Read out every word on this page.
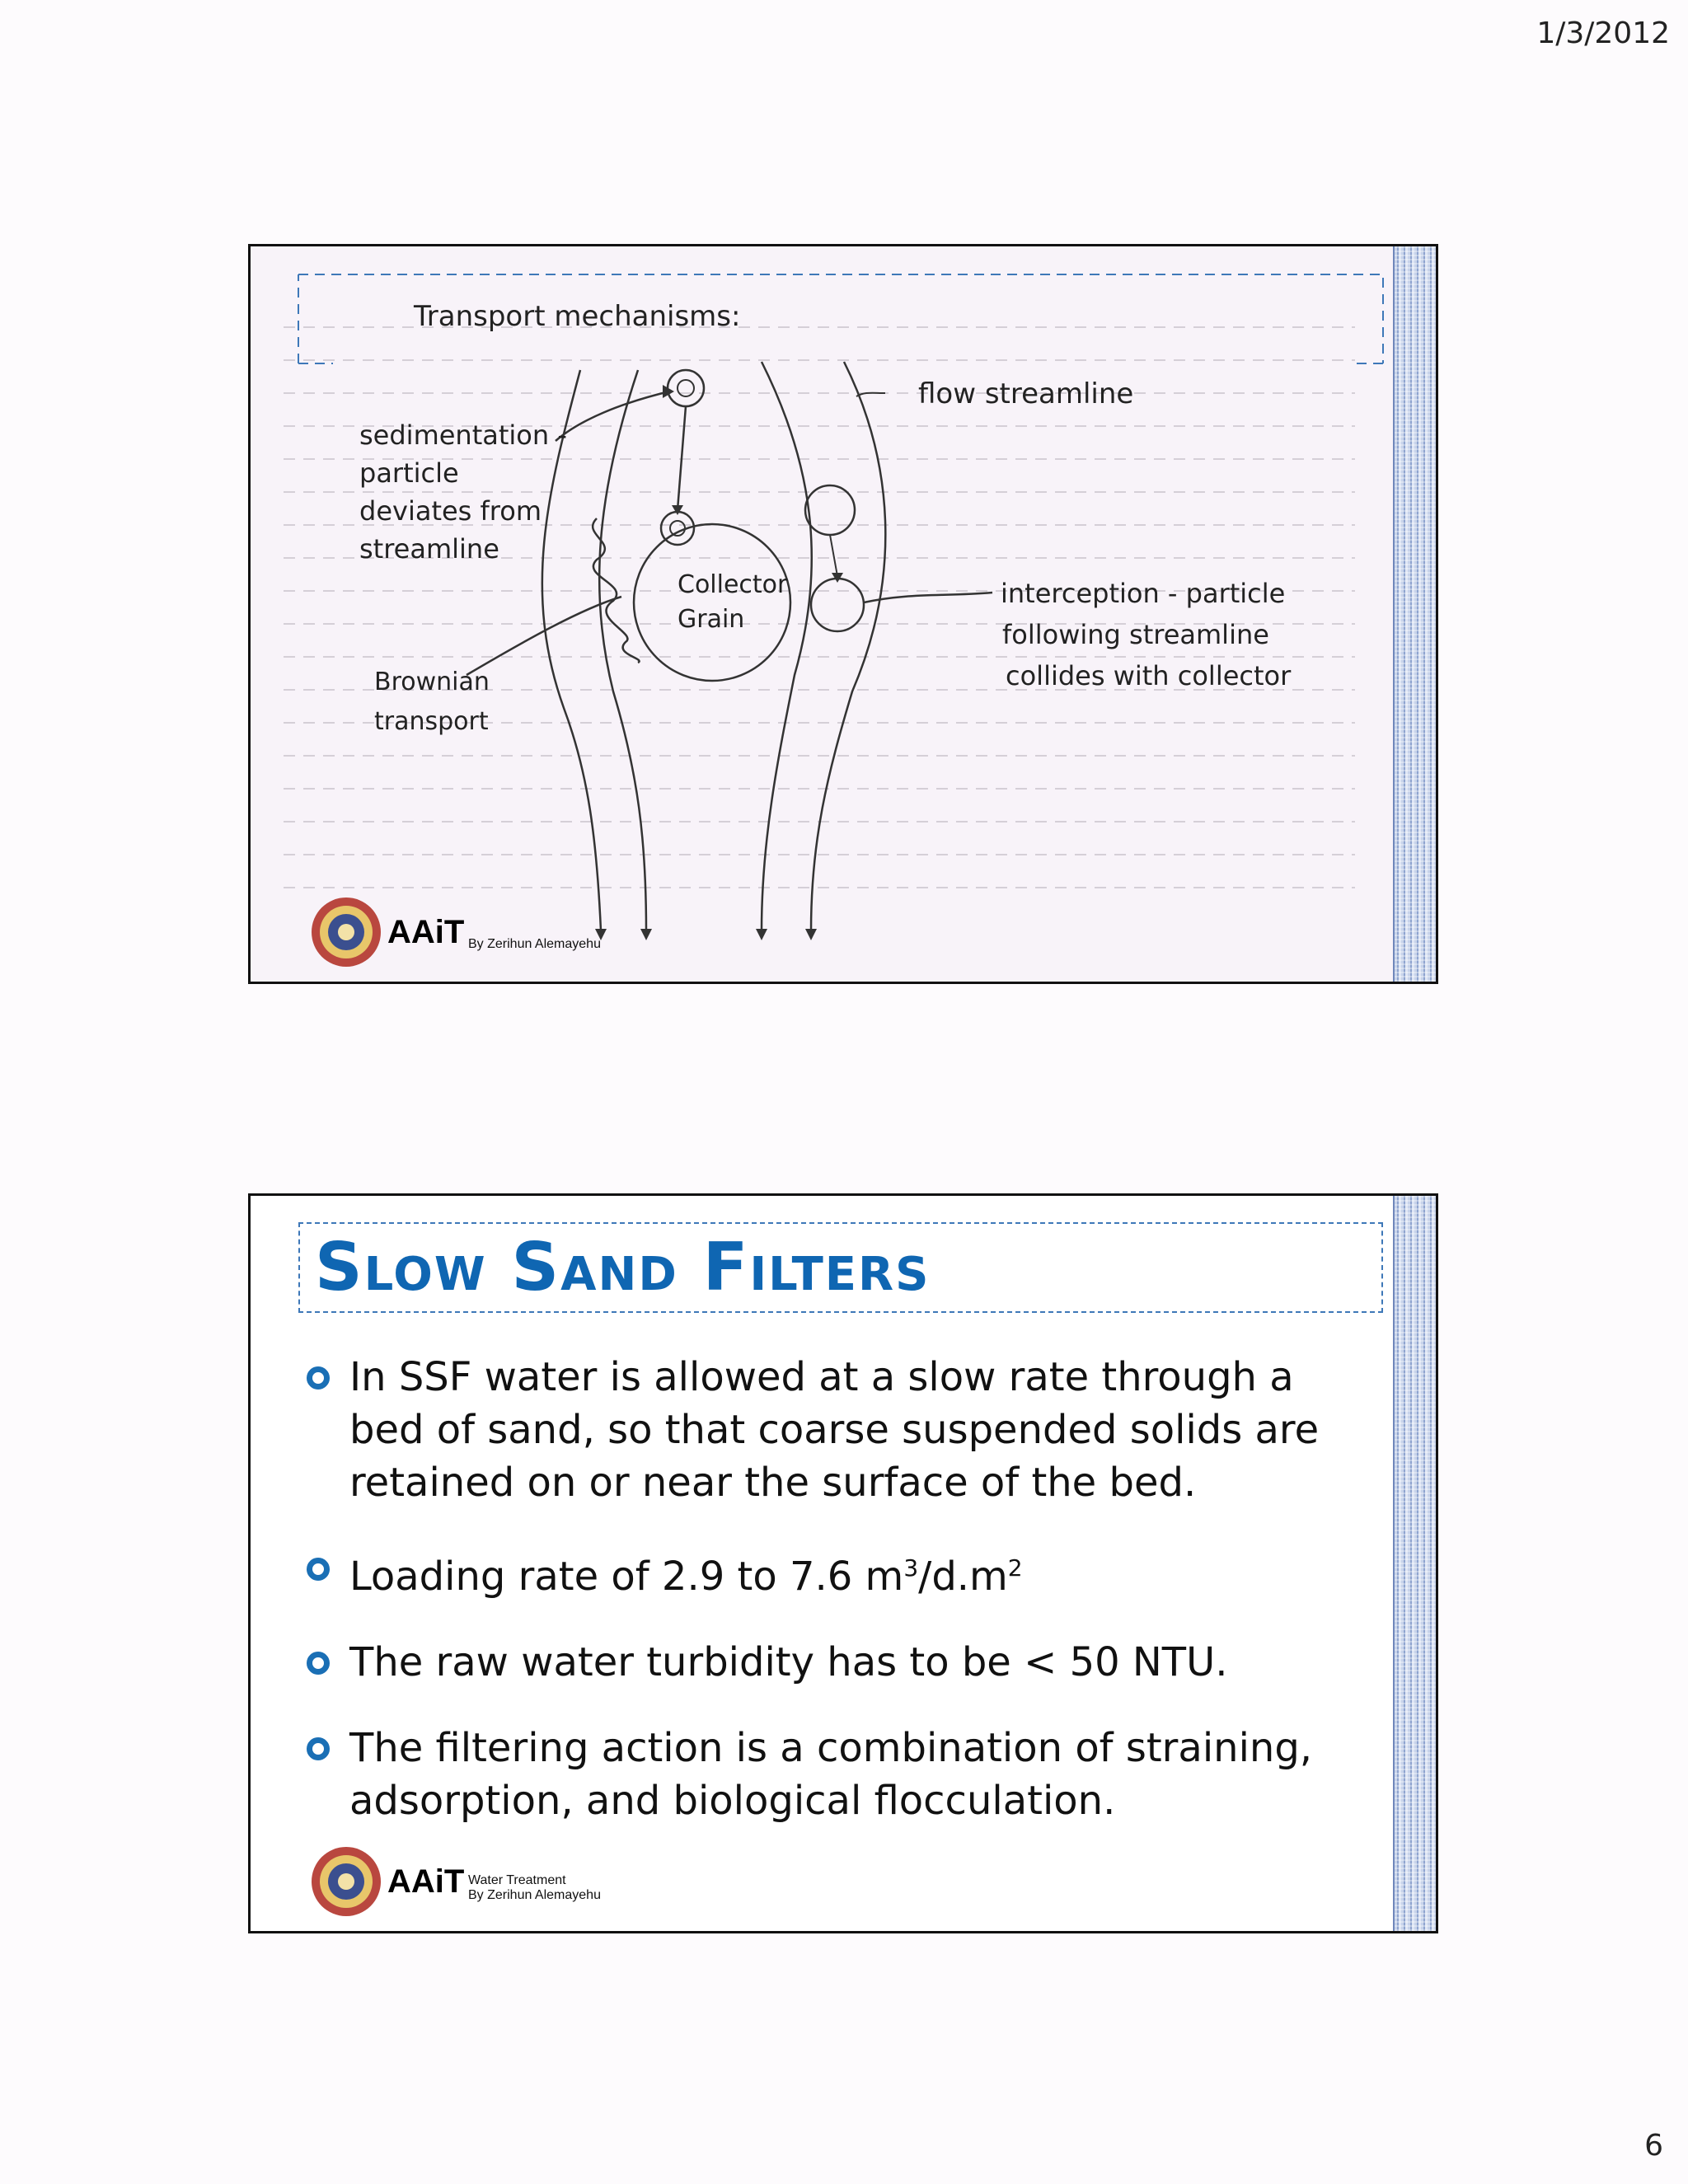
1/3/2012
Transport mechanisms:
flow streamline
sedimentation -
particle
deviates from
streamline
Collector
Grain
interception - particle
following streamline
collides with collector
Brownian
transport
AAiT By Zerihun Alemayehu
Slow Sand Filters
In SSF water is allowed at a slow rate through a bed of sand, so that coarse suspended solids are retained on or near the surface of the bed.
Loading rate of 2.9 to 7.6 $m^3/d.m^2$
The raw water turbidity has to be < 50 NTU.
The filtering action is a combination of straining, adsorption, and biological flocculation.
AAiT Water Treatment
By Zerihun Alemayehu
6
